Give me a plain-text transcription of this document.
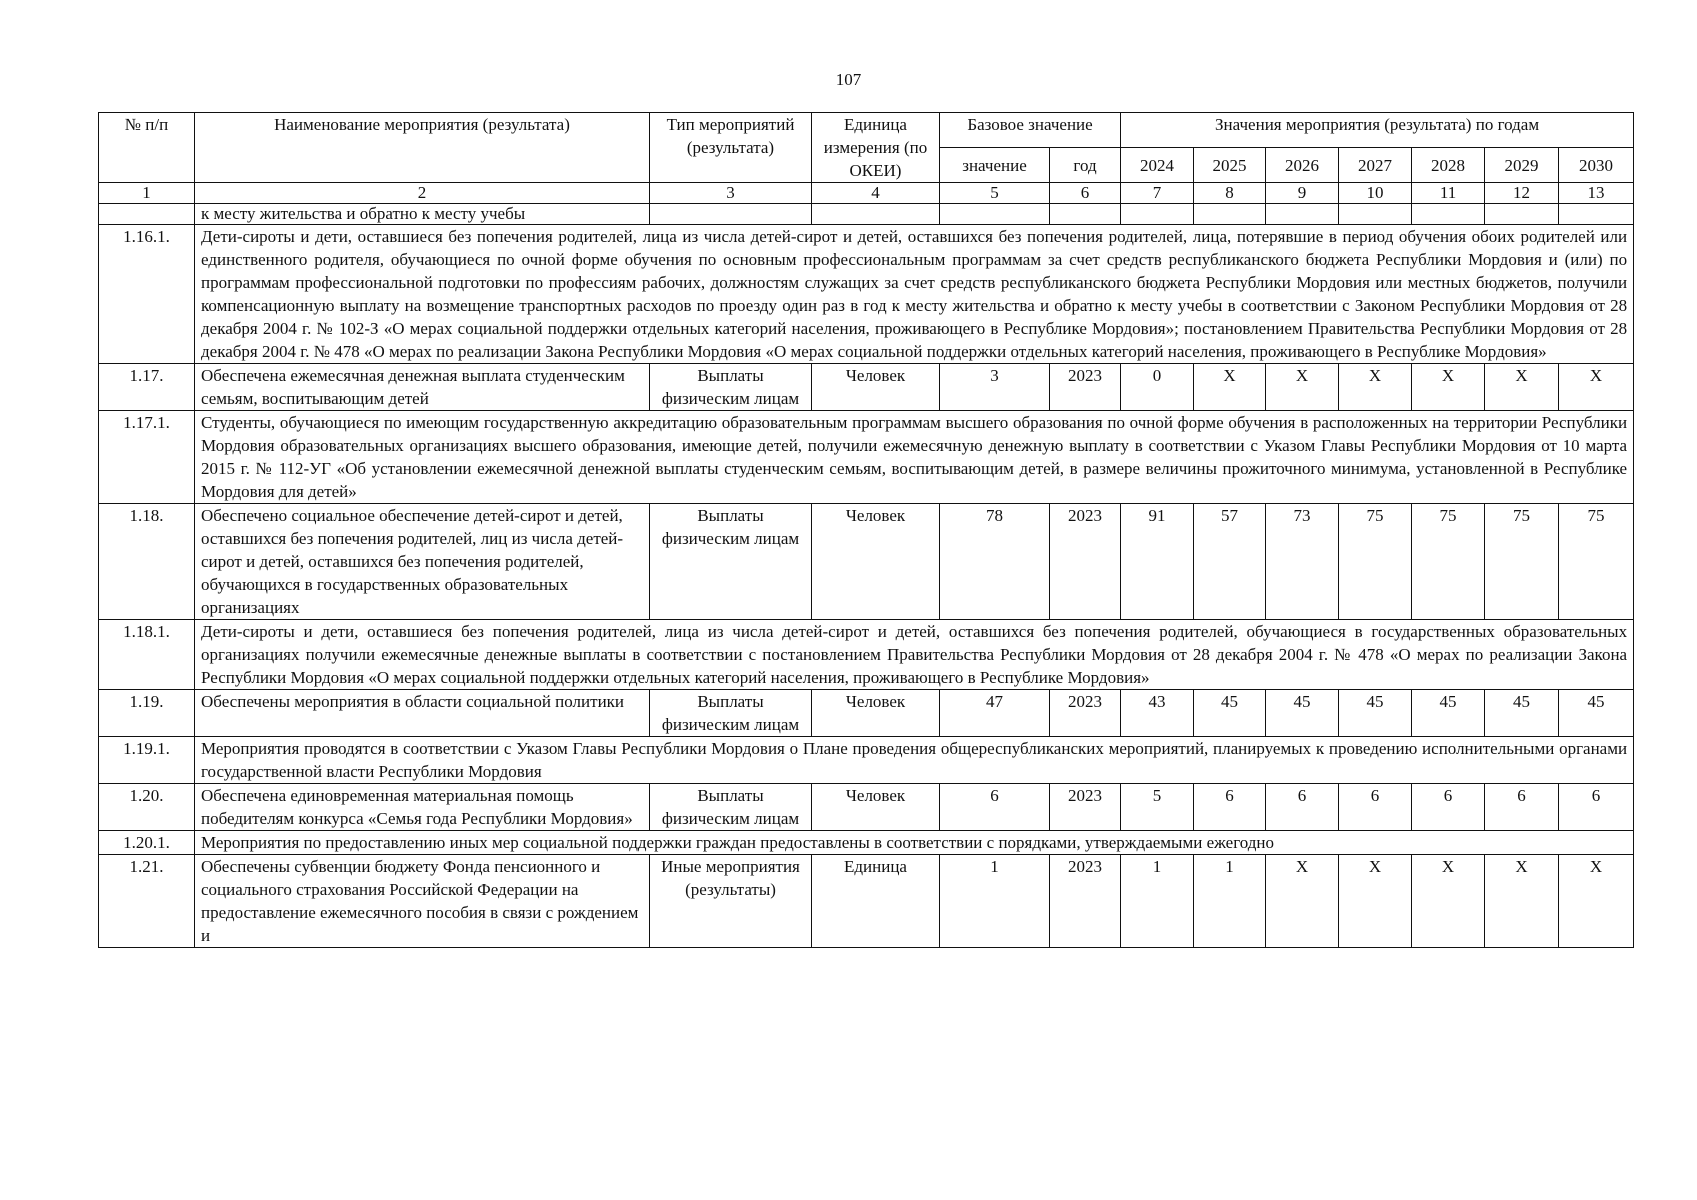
107
№ п/п	Наименование мероприятия (результата)	Тип мероприятий (результата)	Единица измерения (по ОКЕИ)	Базовое значение		Значения мероприятия (результата) по годам						
				значение	год	2024	2025	2026	2027	2028	2029	2030
1	2	3	4	5	6	7	8	9	10	11	12	13
	к месту жительства и обратно к месту учебы											
1.16.1.	Дети-сироты и дети, оставшиеся без попечения родителей, лица из числа детей-сирот и детей, оставшихся без попечения родителей, лица, потерявшие в период обучения обоих родителей или единственного родителя, обучающиеся по очной форме обучения по основным профессиональным программам за счет средств республиканского бюджета Республики Мордовия и (или) по программам профессиональной подготовки по профессиям рабочих, должностям служащих за счет средств республиканского бюджета Республики Мордовия или местных бюджетов, получили компенсационную выплату на возмещение транспортных расходов по проезду один раз в год к месту жительства и обратно к месту учебы в соответствии с Законом Республики Мордовия от 28 декабря 2004 г. № 102-З «О мерах социальной поддержки отдельных категорий населения, проживающего в Республике Мордовия»; постановлением Правительства Республики Мордовия от 28 декабря 2004 г. № 478 «О мерах по реализации Закона Республики Мордовия «О мерах социальной поддержки отдельных категорий населения, проживающего в Республике Мордовия»											
1.17.	Обеспечена ежемесячная денежная выплата студенческим семьям, воспитывающим детей	Выплаты физическим лицам	Человек	3	2023	0	X	X	X	X	X	X
1.17.1.	Студенты, обучающиеся по имеющим государственную аккредитацию образовательным программам высшего образования по очной форме обучения в расположенных на территории Республики Мордовия образовательных организациях высшего образования, имеющие детей, получили ежемесячную денежную выплату в соответствии с Указом Главы Республики Мордовия от 10 марта 2015 г. № 112-УГ «Об установлении ежемесячной денежной выплаты студенческим семьям, воспитывающим детей, в размере величины прожиточного минимума, установленной в Республике Мордовия для детей»											
1.18.	Обеспечено социальное обеспечение детей-сирот и детей, оставшихся без попечения родителей, лиц из числа детей-сирот и детей, оставшихся без попечения родителей, обучающихся в государственных образовательных организациях	Выплаты физическим лицам	Человек	78	2023	91	57	73	75	75	75	75
1.18.1.	Дети-сироты и дети, оставшиеся без попечения родителей, лица из числа детей-сирот и детей, оставшихся без попечения родителей, обучающиеся в государственных образовательных организациях получили ежемесячные денежные выплаты в соответствии с постановлением Правительства Республики Мордовия от 28 декабря 2004 г. № 478 «О мерах по реализации Закона Республики Мордовия «О мерах социальной поддержки отдельных категорий населения, проживающего в Республике Мордовия»											
1.19.	Обеспечены мероприятия в области социальной политики	Выплаты физическим лицам	Человек	47	2023	43	45	45	45	45	45	45
1.19.1.	Мероприятия проводятся в соответствии с Указом Главы Республики Мордовия о Плане проведения общереспубликанских мероприятий, планируемых к проведению исполнительными органами государственной власти Республики Мордовия											
1.20.	Обеспечена единовременная материальная помощь победителям конкурса «Семья года Республики Мордовия»	Выплаты физическим лицам	Человек	6	2023	5	6	6	6	6	6	6
1.20.1.	Мероприятия по предоставлению иных мер социальной поддержки граждан предоставлены в соответствии с порядками, утверждаемыми ежегодно											
1.21.	Обеспечены субвенции бюджету Фонда пенсионного и социального страхования Российской Федерации на предоставление ежемесячного пособия в связи с рождением и	Иные мероприятия (результаты)	Единица	1	2023	1	1	X	X	X	X	X
